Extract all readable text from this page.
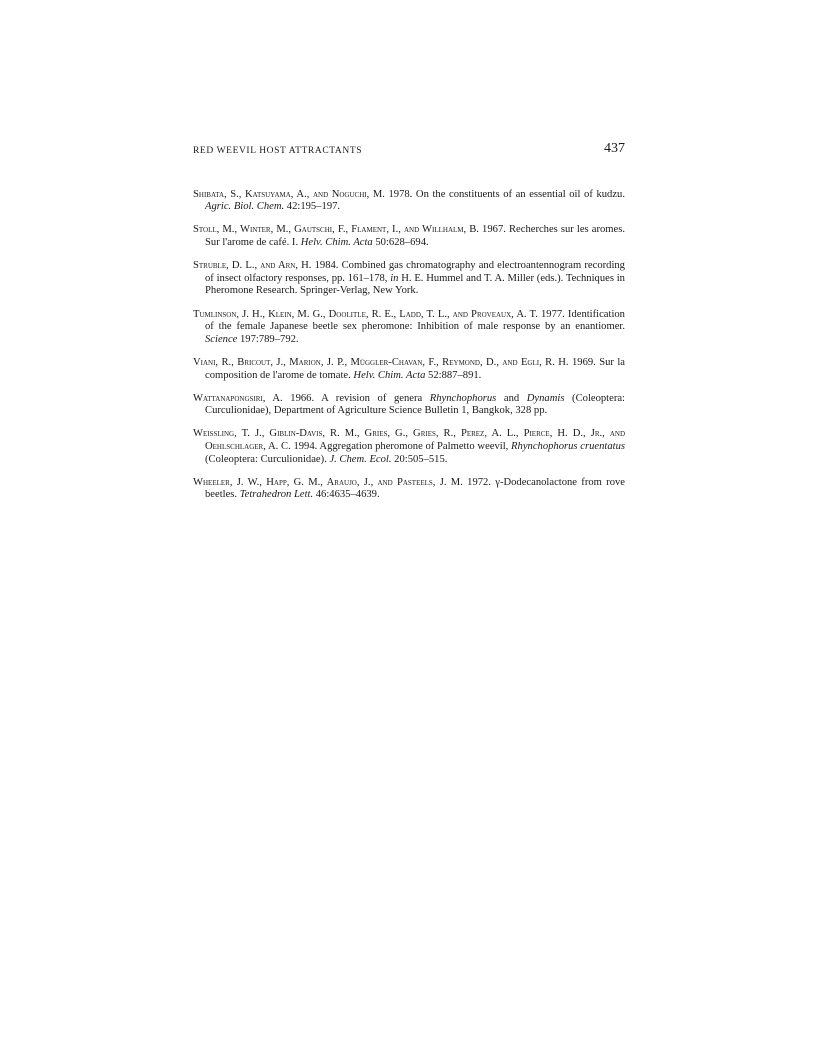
RED WEEVIL HOST ATTRACTANTS	437

Shibata, S., Katsuyama, A., and Noguchi, M. 1978. On the constituents of an essential oil of kudzu. Agric. Biol. Chem. 42:195–197.

Stoll, M., Winter, M., Gautschi, F., Flament, I., and Willhalm, B. 1967. Recherches sur les aromes. Sur l'arome de café. I. Helv. Chim. Acta 50:628–694.

Struble, D. L., and Arn, H. 1984. Combined gas chromatography and electroantennogram recording of insect olfactory responses, pp. 161–178, in H. E. Hummel and T. A. Miller (eds.). Techniques in Pheromone Research. Springer-Verlag, New York.

Tumlinson, J. H., Klein, M. G., Doolitle, R. E., Ladd, T. L., and Proveaux, A. T. 1977. Identification of the female Japanese beetle sex pheromone: Inhibition of male response by an enantiomer. Science 197:789–792.

Viani, R., Bricout, J., Marion, J. P., Müggler-Chavan, F., Reymond, D., and Egli, R. H. 1969. Sur la composition de l'arome de tomate. Helv. Chim. Acta 52:887–891.

Wattanapongsiri, A. 1966. A revision of genera Rhynchophorus and Dynamis (Coleoptera: Curculionidae), Department of Agriculture Science Bulletin 1, Bangkok, 328 pp.

Weissling, T. J., Giblin-Davis, R. M., Gries, G., Gries, R., Perez, A. L., Pierce, H. D., Jr., and Oehlschlager, A. C. 1994. Aggregation pheromone of Palmetto weevil, Rhynchophorus cruentatus (Coleoptera: Curculionidae). J. Chem. Ecol. 20:505–515.

Wheeler, J. W., Happ, G. M., Araujo, J., and Pasteels, J. M. 1972. γ-Dodecanolactone from rove beetles. Tetrahedron Lett. 46:4635–4639.
